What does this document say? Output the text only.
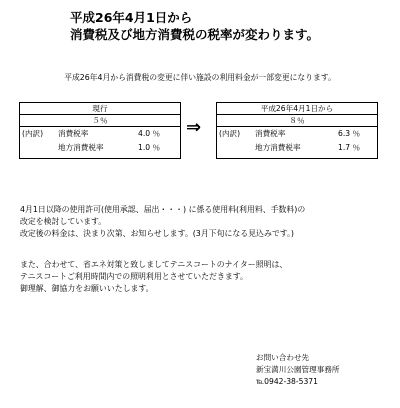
平成26年4月1日から
消費税及び地方消費税の税率が変わります。
平成26年4月から消費税の変更に伴い施設の利用料金が一部変更になります。
現行
５％
(内訳) 消費税率	4.0 ％
地方消費税率	1.0 ％
⇒
平成26年4月1日から
８％
(内訳) 消費税率	6.3 ％
地方消費税率	1.7 ％
4月1日以降の使用許可(使用承認、届出・・・) に係る使用料(利用料、手数料)の
改定を検討しています。
改定後の料金は、決まり次第、お知らせします。(3月下旬になる見込みです。)
また、合わせて、省エネ対策と致しましてテニスコートのナイター照明は、
テニスコートご利用時間内での照明利用とさせていただきます。
御理解、御協力をお願いいたします。
お問い合わせ先
新宝満川公園管理事務所
℡0942-38-5371
